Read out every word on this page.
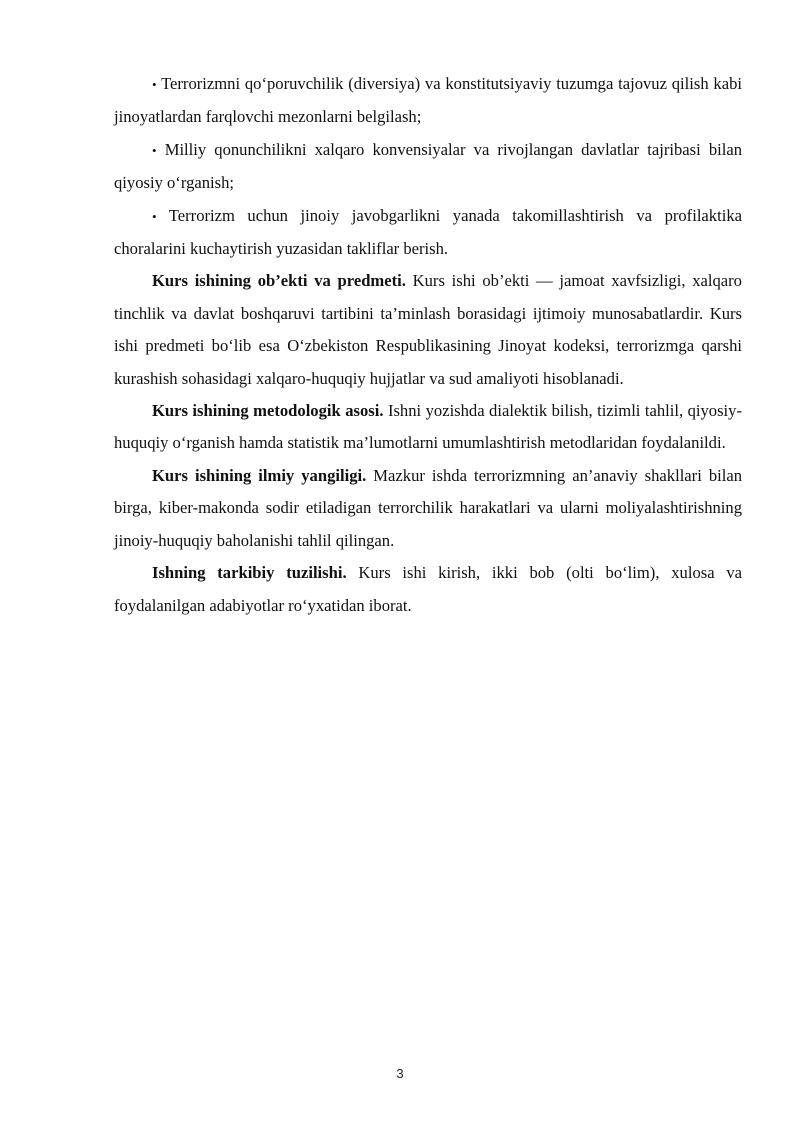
• Terrorizmni qo‘poruvchilik (diversiya) va konstitutsiyaviy tuzumga tajovuz qilish kabi jinoyatlardan farqlovchi mezonlarni belgilash;

• Milliy qonunchilikni xalqaro konvensiyalar va rivojlangan davlatlar tajribasi bilan qiyosiy o‘rganish;

• Terrorizm uchun jinoiy javobgarlikni yanada takomillashtirish va profilaktika choralarini kuchaytirish yuzasidan takliflar berish.

Kurs ishining ob’ekti va predmeti. Kurs ishi ob’ekti — jamoat xavfsizligi, xalqaro tinchlik va davlat boshqaruvi tartibini ta’minlash borasidagi ijtimoiy munosabatlardir. Kurs ishi predmeti bo‘lib esa O‘zbekiston Respublikasining Jinoyat kodeksi, terrorizmga qarshi kurashish sohasidagi xalqaro-huquqiy hujjatlar va sud amaliyoti hisoblanadi.

Kurs ishining metodologik asosi. Ishni yozishda dialektik bilish, tizimli tahlil, qiyosiy-huquqiy o‘rganish hamda statistik ma’lumotlarni umumlashtirish metodlaridan foydalanildi.

Kurs ishining ilmiy yangiligi. Mazkur ishda terrorizmning an’anaviy shakllari bilan birga, kiber-makonda sodir etiladigan terrorchilik harakatlari va ularni moliyalashtirishning jinoiy-huquqiy baholanishi tahlil qilingan.

Ishning tarkibiy tuzilishi. Kurs ishi kirish, ikki bob (olti bo‘lim), xulosa va foydalanilgan adabiyotlar ro‘yxatidan iborat.

3
